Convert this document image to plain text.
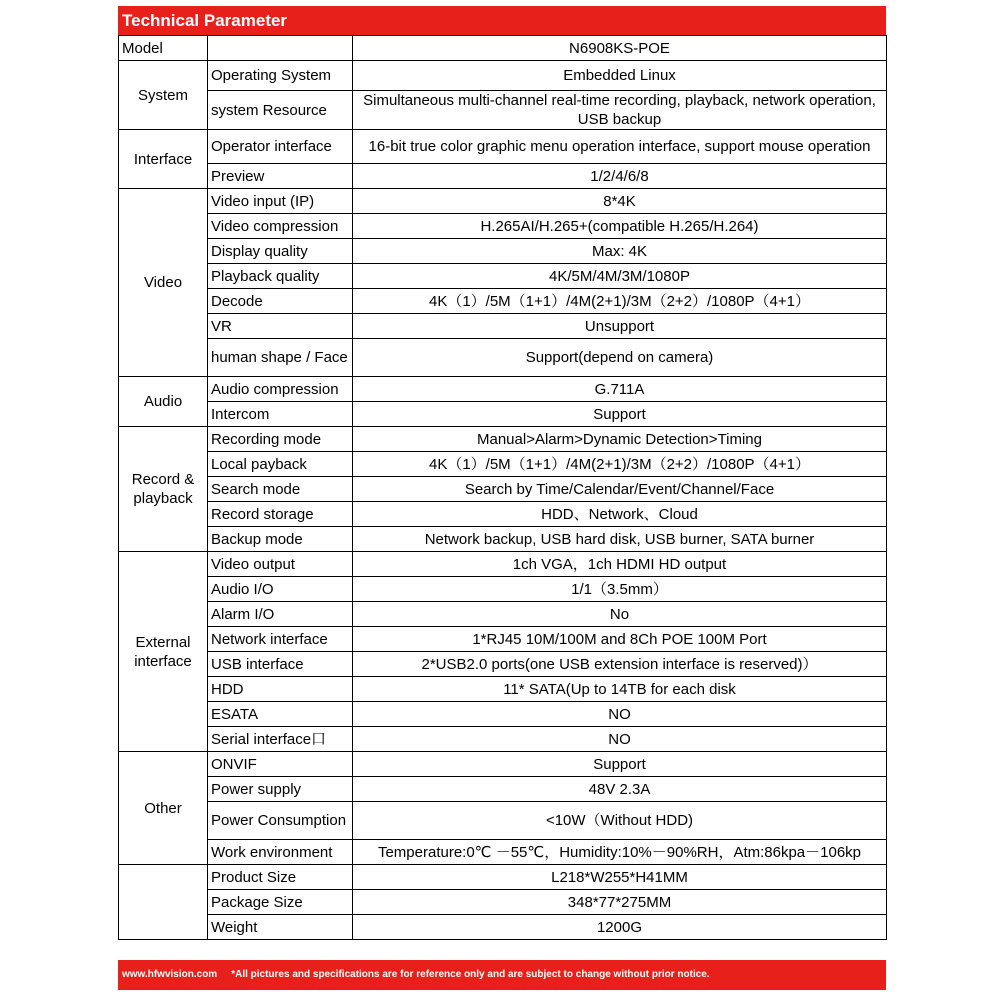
Technical Parameter
Model		N6908KS-POE
System	Operating System	Embedded Linux
	system Resource	Simultaneous multi-channel real-time recording, playback, network operation, USB backup
Interface	Operator interface	16-bit true color graphic menu operation interface, support mouse operation
	Preview	1/2/4/6/8
Video	Video input (IP)	8*4K
	Video compression	H.265AI/H.265+(compatible H.265/H.264)
	Display quality	Max: 4K
	Playback quality	4K/5M/4M/3M/1080P
	Decode	4K（1）/5M（1+1）/4M(2+1)/3M（2+2）/1080P（4+1）
	VR	Unsupport
	human shape / Face	Support(depend on camera)
Audio	Audio compression	G.711A
	Intercom	Support
Record & playback	Recording mode	Manual>Alarm>Dynamic Detection>Timing
	Local payback	4K（1）/5M（1+1）/4M(2+1)/3M（2+2）/1080P（4+1）
	Search mode	Search by Time/Calendar/Event/Channel/Face
	Record storage	HDD、Network、Cloud
	Backup mode	Network backup, USB hard disk, USB burner, SATA burner
External interface	Video output	1ch VGA，1ch HDMI HD output
	Audio I/O	1/1（3.5mm）
	Alarm I/O	No
	Network interface	1*RJ45 10M/100M and 8Ch POE 100M Port
	USB interface	2*USB2.0 ports(one USB extension interface is reserved)）
	HDD	11* SATA(Up to 14TB for each disk
	ESATA	NO
	Serial interface口	NO
Other	ONVIF	Support
	Power supply	48V 2.3A
	Power Consumption	<10W（Without HDD)
	Work environment	Temperature:0℃ －55℃，Humidity:10%－90%RH，Atm:86kpa－106kp
	Product Size	L218*W255*H41MM
	Package Size	348*77*275MM
	Weight	1200G
www.hfwvision.com *All pictures and specifications are for reference only and are subject to change without prior notice.
